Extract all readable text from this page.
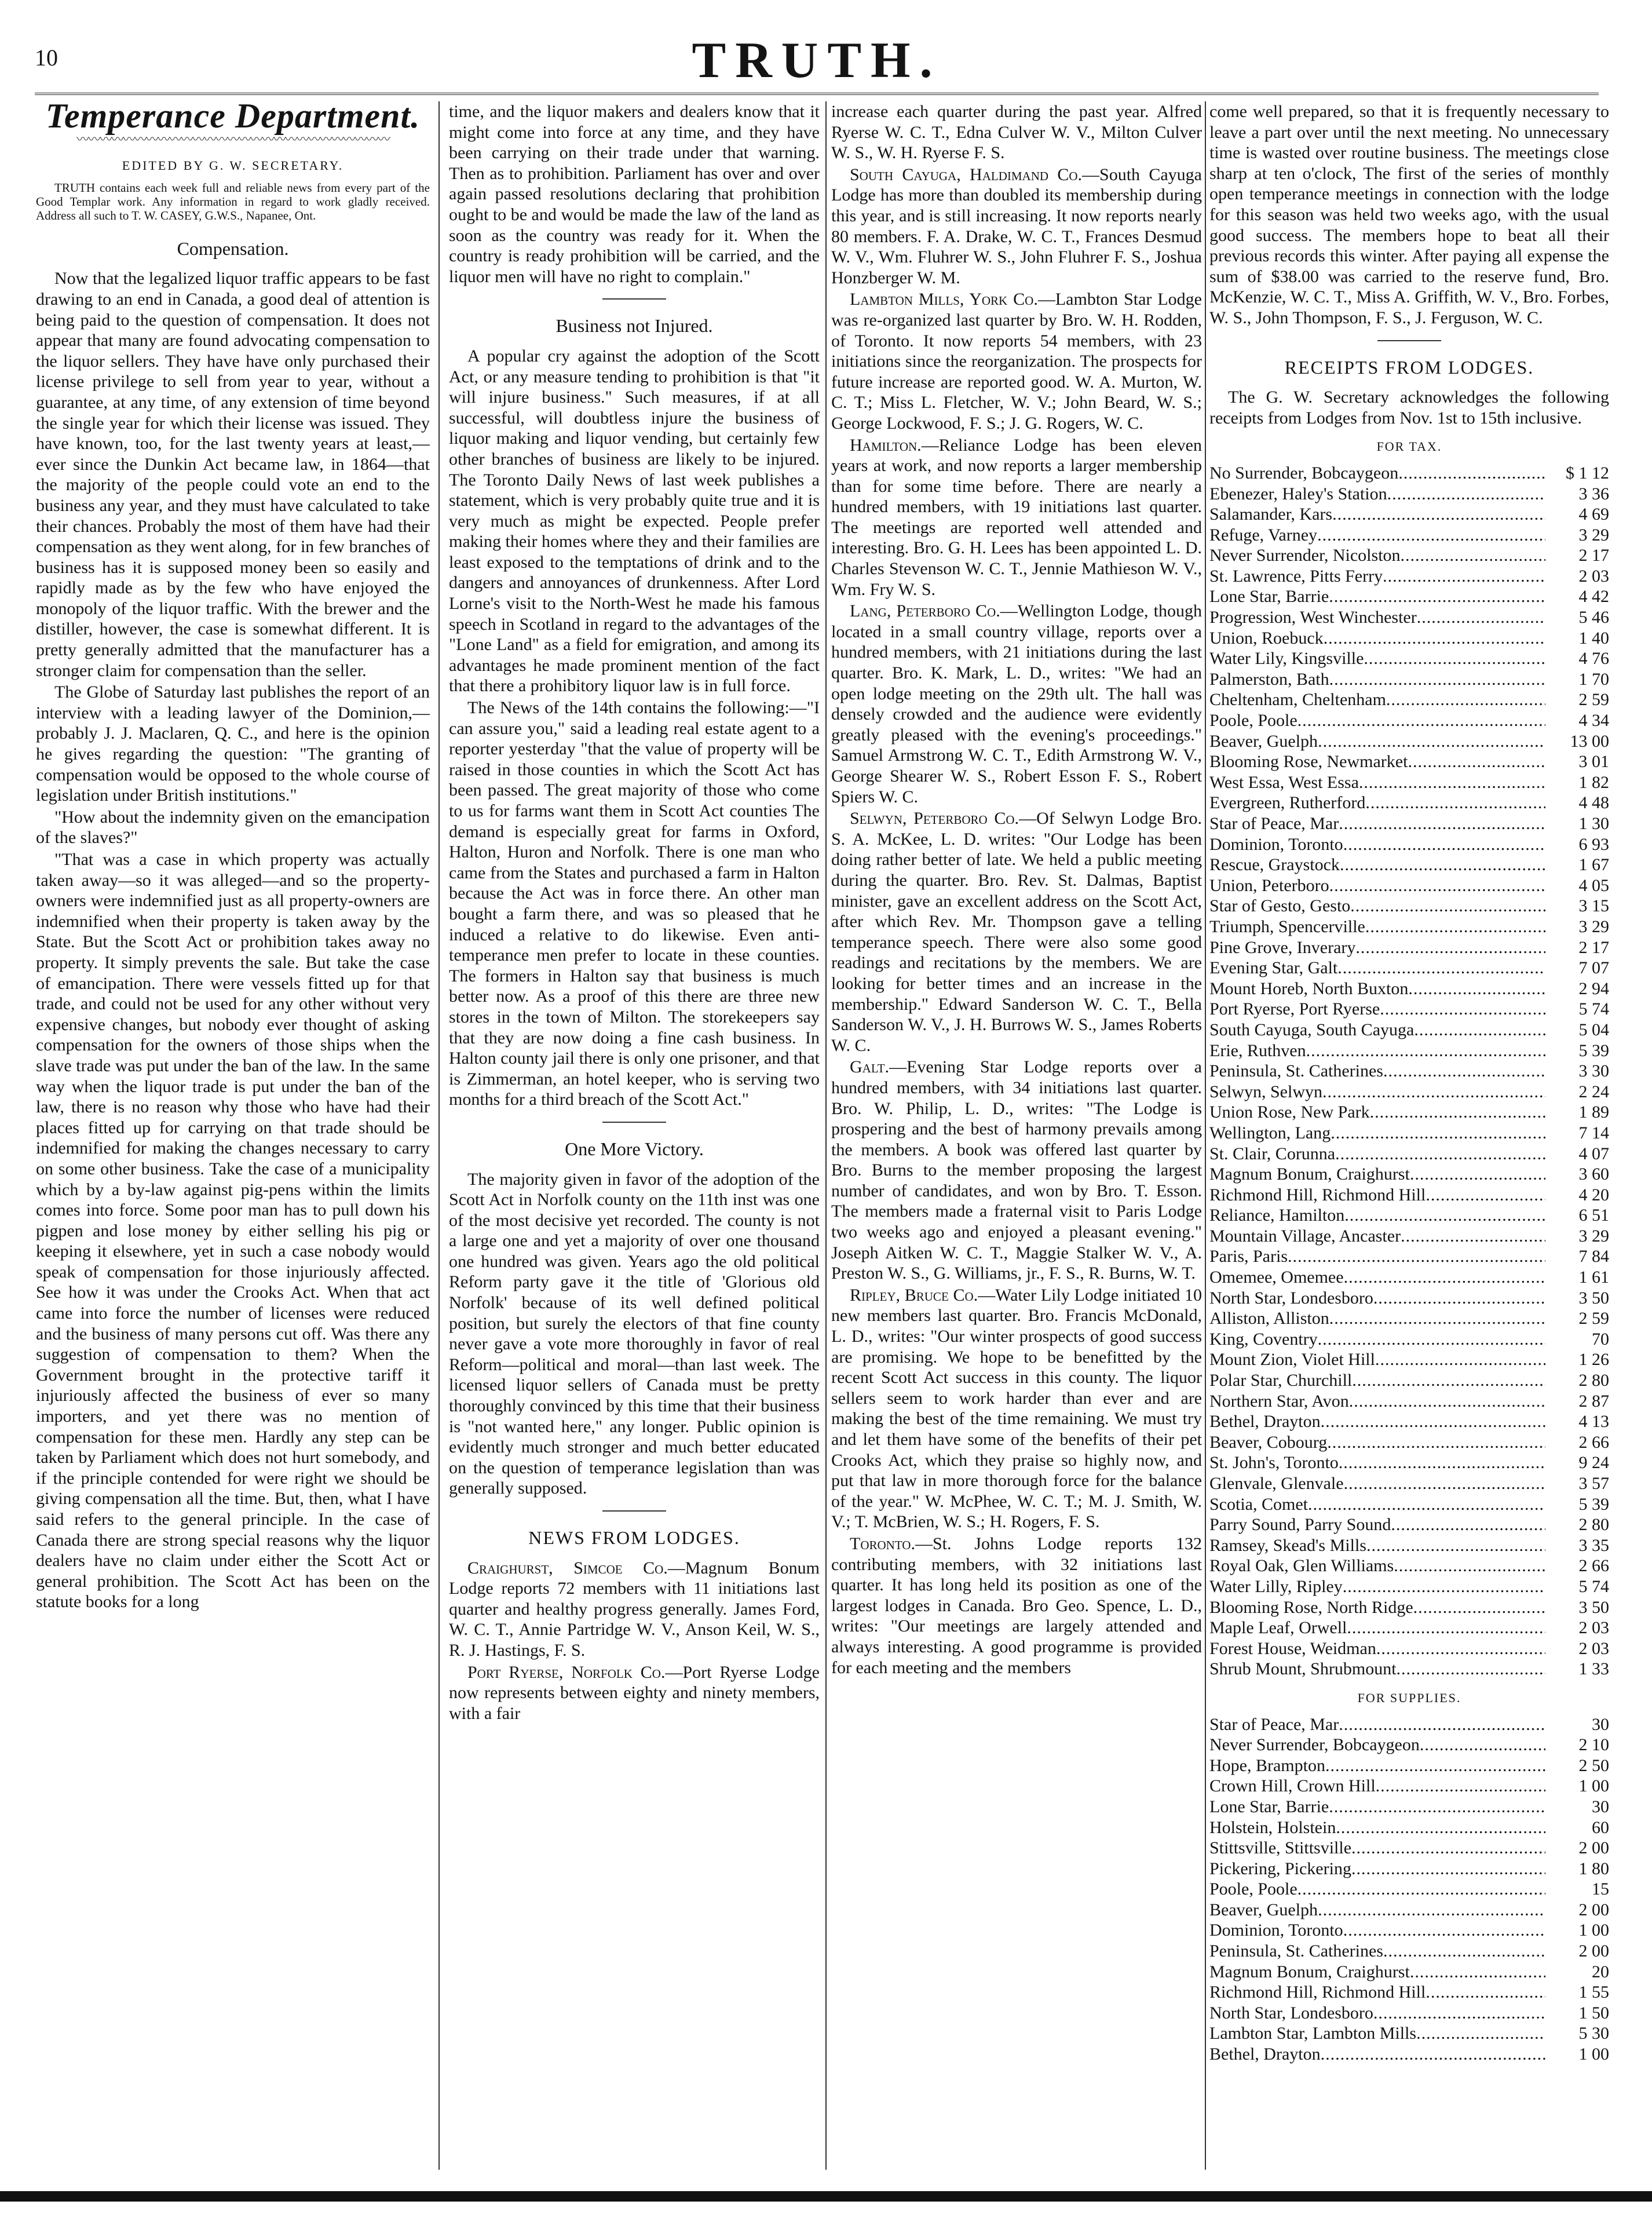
10	TRUTH.
Temperance Department.
〰〰〰〰〰〰〰〰〰〰〰〰〰〰〰〰〰〰〰〰〰〰〰〰〰〰〰
EDITED BY G. W. SECRETARY.

TRUTH contains each week full and reliable news from every part of the Good Templar work. Any information in regard to work gladly received. Address all such to T. W. CASEY, G.W.S., Napanee, Ont.

Compensation.

Now that the legalized liquor traffic appears to be fast drawing to an end in Canada, a good deal of attention is being paid to the question of compensation. It does not appear that many are found advocating compensation to the liquor sellers. They have have only purchased their license privilege to sell from year to year, without a guarantee, at any time, of any extension of time beyond the single year for which their license was issued. They have known, too, for the last twenty years at least,—ever since the Dunkin Act became law, in 1864—that the majority of the people could vote an end to the business any year, and they must have calculated to take their chances. Probably the most of them have had their compensation as they went along, for in few branches of business has it is supposed money been so easily and rapidly made as by the few who have enjoyed the monopoly of the liquor traffic. With the brewer and the distiller, however, the case is somewhat different. It is pretty generally admitted that the manufacturer has a stronger claim for compensation than the seller.

The Globe of Saturday last publishes the report of an interview with a leading lawyer of the Dominion,—probably J. J. Maclaren, Q. C., and here is the opinion he gives regarding the question: "The granting of compensation would be opposed to the whole course of legislation under British institutions."

"How about the indemnity given on the emancipation of the slaves?"

"That was a case in which property was actually taken away—so it was alleged—and so the property-owners were indemnified just as all property-owners are indemnified when their property is taken away by the State. But the Scott Act or prohibition takes away no property. It simply prevents the sale. But take the case of emancipation. There were vessels fitted up for that trade, and could not be used for any other without very expensive changes, but nobody ever thought of asking compensation for the owners of those ships when the slave trade was put under the ban of the law. In the same way when the liquor trade is put under the ban of the law, there is no reason why those who have had their places fitted up for carrying on that trade should be indemnified for making the changes necessary to carry on some other business. Take the case of a municipality which by a by-law against pig-pens within the limits comes into force. Some poor man has to pull down his pigpen and lose money by either selling his pig or keeping it elsewhere, yet in such a case nobody would speak of compensation for those injuriously affected. See how it was under the Crooks Act. When that act came into force the number of licenses were reduced and the business of many persons cut off. Was there any suggestion of compensation to them? When the Government brought in the protective tariff it injuriously affected the business of ever so many importers, and yet there was no mention of compensation for these men. Hardly any step can be taken by Parliament which does not hurt somebody, and if the principle contended for were right we should be giving compensation all the time. But, then, what I have said refers to the general principle. In the case of Canada there are strong special reasons why the liquor dealers have no claim under either the Scott Act or general prohibition. The Scott Act has been on the statute books for a long

time, and the liquor makers and dealers know that it might come into force at any time, and they have been carrying on their trade under that warning. Then as to prohibition. Parliament has over and over again passed resolutions declaring that prohibition ought to be and would be made the law of the land as soon as the country was ready for it. When the country is ready prohibition will be carried, and the liquor men will have no right to complain."

Business not Injured.

A popular cry against the adoption of the Scott Act, or any measure tending to prohibition is that "it will injure business." Such measures, if at all successful, will doubtless injure the business of liquor making and liquor vending, but certainly few other branches of business are likely to be injured. The Toronto Daily News of last week publishes a statement, which is very probably quite true and it is very much as might be expected. People prefer making their homes where they and their families are least exposed to the temptations of drink and to the dangers and annoyances of drunkenness. After Lord Lorne's visit to the North-West he made his famous speech in Scotland in regard to the advantages of the "Lone Land" as a field for emigration, and among its advantages he made prominent mention of the fact that there a prohibitory liquor law is in full force.

The News of the 14th contains the following:—"I can assure you," said a leading real estate agent to a reporter yesterday "that the value of property will be raised in those counties in which the Scott Act has been passed. The great majority of those who come to us for farms want them in Scott Act counties The demand is especially great for farms in Oxford, Halton, Huron and Norfolk. There is one man who came from the States and purchased a farm in Halton because the Act was in force there. An other man bought a farm there, and was so pleased that he induced a relative to do likewise. Even anti-temperance men prefer to locate in these counties. The formers in Halton say that business is much better now. As a proof of this there are three new stores in the town of Milton. The storekeepers say that they are now doing a fine cash business. In Halton county jail there is only one prisoner, and that is Zimmerman, an hotel keeper, who is serving two months for a third breach of the Scott Act."

One More Victory.

The majority given in favor of the adoption of the Scott Act in Norfolk county on the 11th inst was one of the most decisive yet recorded. The county is not a large one and yet a majority of over one thousand one hundred was given. Years ago the old political Reform party gave it the title of 'Glorious old Norfolk' because of its well defined political position, but surely the electors of that fine county never gave a vote more thoroughly in favor of real Reform—political and moral—than last week. The licensed liquor sellers of Canada must be pretty thoroughly convinced by this time that their business is "not wanted here," any longer. Public opinion is evidently much stronger and much better educated on the question of temperance legislation than was generally supposed.

NEWS FROM LODGES.

Craighurst, Simcoe Co.—Magnum Bonum Lodge reports 72 members with 11 initiations last quarter and healthy progress generally. James Ford, W. C. T., Annie Partridge W. V., Anson Keil, W. S., R. J. Hastings, F. S.

Port Ryerse, Norfolk Co.—Port Ryerse Lodge now represents between eighty and ninety members, with a fair

increase each quarter during the past year. Alfred Ryerse W. C. T., Edna Culver W. V., Milton Culver W. S., W. H. Ryerse F. S.

South Cayuga, Haldimand Co.—South Cayuga Lodge has more than doubled its membership during this year, and is still increasing. It now reports nearly 80 members. F. A. Drake, W. C. T., Frances Desmud W. V., Wm. Fluhrer W. S., John Fluhrer F. S., Joshua Honzberger W. M.

Lambton Mills, York Co.—Lambton Star Lodge was re-organized last quarter by Bro. W. H. Rodden, of Toronto. It now reports 54 members, with 23 initiations since the reorganization. The prospects for future increase are reported good. W. A. Murton, W. C. T.; Miss L. Fletcher, W. V.; John Beard, W. S.; George Lockwood, F. S.; J. G. Rogers, W. C.

Hamilton.—Reliance Lodge has been eleven years at work, and now reports a larger membership than for some time before. There are nearly a hundred members, with 19 initiations last quarter. The meetings are reported well attended and interesting. Bro. G. H. Lees has been appointed L. D. Charles Stevenson W. C. T., Jennie Mathieson W. V., Wm. Fry W. S.

Lang, Peterboro Co.—Wellington Lodge, though located in a small country village, reports over a hundred members, with 21 initiations during the last quarter. Bro. K. Mark, L. D., writes: "We had an open lodge meeting on the 29th ult. The hall was densely crowded and the audience were evidently greatly pleased with the evening's proceedings." Samuel Armstrong W. C. T., Edith Armstrong W. V., George Shearer W. S., Robert Esson F. S., Robert Spiers W. C.

Selwyn, Peterboro Co.—Of Selwyn Lodge Bro. S. A. McKee, L. D. writes: "Our Lodge has been doing rather better of late. We held a public meeting during the quarter. Bro. Rev. St. Dalmas, Baptist minister, gave an excellent address on the Scott Act, after which Rev. Mr. Thompson gave a telling temperance speech. There were also some good readings and recitations by the members. We are looking for better times and an increase in the membership." Edward Sanderson W. C. T., Bella Sanderson W. V., J. H. Burrows W. S., James Roberts W. C.

Galt.—Evening Star Lodge reports over a hundred members, with 34 initiations last quarter. Bro. W. Philip, L. D., writes: "The Lodge is prospering and the best of harmony prevails among the members. A book was offered last quarter by Bro. Burns to the member proposing the largest number of candidates, and won by Bro. T. Esson. The members made a fraternal visit to Paris Lodge two weeks ago and enjoyed a pleasant evening." Joseph Aitken W. C. T., Maggie Stalker W. V., A. Preston W. S., G. Williams, jr., F. S., R. Burns, W. T.

Ripley, Bruce Co.—Water Lily Lodge initiated 10 new members last quarter. Bro. Francis McDonald, L. D., writes: "Our winter prospects of good success are promising. We hope to be benefitted by the recent Scott Act success in this county. The liquor sellers seem to work harder than ever and are making the best of the time remaining. We must try and let them have some of the benefits of their pet Crooks Act, which they praise so highly now, and put that law in more thorough force for the balance of the year." W. McPhee, W. C. T.; M. J. Smith, W. V.; T. McBrien, W. S.; H. Rogers, F. S.

Toronto.—St. Johns Lodge reports 132 contributing members, with 32 initiations last quarter. It has long held its position as one of the largest lodges in Canada. Bro Geo. Spence, L. D., writes: "Our meetings are largely attended and always interesting. A good programme is provided for each meeting and the members

come well prepared, so that it is frequently necessary to leave a part over until the next meeting. No unnecessary time is wasted over routine business. The meetings close sharp at ten o'clock, The first of the series of monthly open temperance meetings in connection with the lodge for this season was held two weeks ago, with the usual good success. The members hope to beat all their previous records this winter. After paying all expense the sum of $38.00 was carried to the reserve fund, Bro. McKenzie, W. C. T., Miss A. Griffith, W. V., Bro. Forbes, W. S., John Thompson, F. S., J. Ferguson, W. C.

RECEIPTS FROM LODGES.

The G. W. Secretary acknowledges the following receipts from Lodges from Nov. 1st to 15th inclusive.

FOR TAX.
No Surrender, Bobcaygeon .....	$ 1 12
Ebenezer, Haley's Station .....	3 36
Salamander, Kars .....	4 69
Refuge, Varney .....	3 29
Never Surrender, Nicolston .....	2 17
St. Lawrence, Pitts Ferry .....	2 03
Lone Star, Barrie .....	4 42
Progression, West Winchester .....	5 46
Union, Roebuck .....	1 40
Water Lily, Kingsville .....	4 76
Palmerston, Bath .....	1 70
Cheltenham, Cheltenham .....	2 59
Poole, Poole .....	4 34
Beaver, Guelph .....	13 00
Blooming Rose, Newmarket .....	3 01
West Essa, West Essa .....	1 82
Evergreen, Rutherford .....	4 48
Star of Peace, Mar .....	1 30
Dominion, Toronto .....	6 93
Rescue, Graystock .....	1 67
Union, Peterboro .....	4 05
Star of Gesto, Gesto .....	3 15
Triumph, Spencerville .....	3 29
Pine Grove, Inverary .....	2 17
Evening Star, Galt .....	7 07
Mount Horeb, North Buxton .....	2 94
Port Ryerse, Port Ryerse .....	5 74
South Cayuga, South Cayuga .....	5 04
Erie, Ruthven .....	5 39
Peninsula, St. Catherines .....	3 30
Selwyn, Selwyn .....	2 24
Union Rose, New Park .....	1 89
Wellington, Lang .....	7 14
St. Clair, Corunna .....	4 07
Magnum Bonum, Craighurst .....	3 60
Richmond Hill, Richmond Hill .....	4 20
Reliance, Hamilton .....	6 51
Mountain Village, Ancaster .....	3 29
Paris, Paris .....	7 84
Omemee, Omemee .....	1 61
North Star, Londesboro .....	3 50
Alliston, Alliston .....	2 59
King, Coventry .....	70
Mount Zion, Violet Hill .....	1 26
Polar Star, Churchill .....	2 80
Northern Star, Avon .....	2 87
Bethel, Drayton .....	4 13
Beaver, Cobourg .....	2 66
St. John's, Toronto .....	9 24
Glenvale, Glenvale .....	3 57
Scotia, Comet .....	5 39
Parry Sound, Parry Sound .....	2 80
Ramsey, Skead's Mills .....	3 35
Royal Oak, Glen Williams .....	2 66
Water Lilly, Ripley .....	5 74
Blooming Rose, North Ridge .....	3 50
Maple Leaf, Orwell .....	2 03
Forest House, Weidman .....	2 03
Shrub Mount, Shrubmount .....	1 33
FOR SUPPLIES.
Star of Peace, Mar .....	30
Never Surrender, Bobcaygeon .....	2 10
Hope, Brampton .....	2 50
Crown Hill, Crown Hill .....	1 00
Lone Star, Barrie .....	30
Holstein, Holstein .....	60
Stittsville, Stittsville .....	2 00
Pickering, Pickering .....	1 80
Poole, Poole .....	15
Beaver, Guelph .....	2 00
Dominion, Toronto .....	1 00
Peninsula, St. Catherines .....	2 00
Magnum Bonum, Craighurst .....	20
Richmond Hill, Richmond Hill .....	1 55
North Star, Londesboro .....	1 50
Lambton Star, Lambton Mills .....	5 30
Bethel, Drayton .....	1 00
